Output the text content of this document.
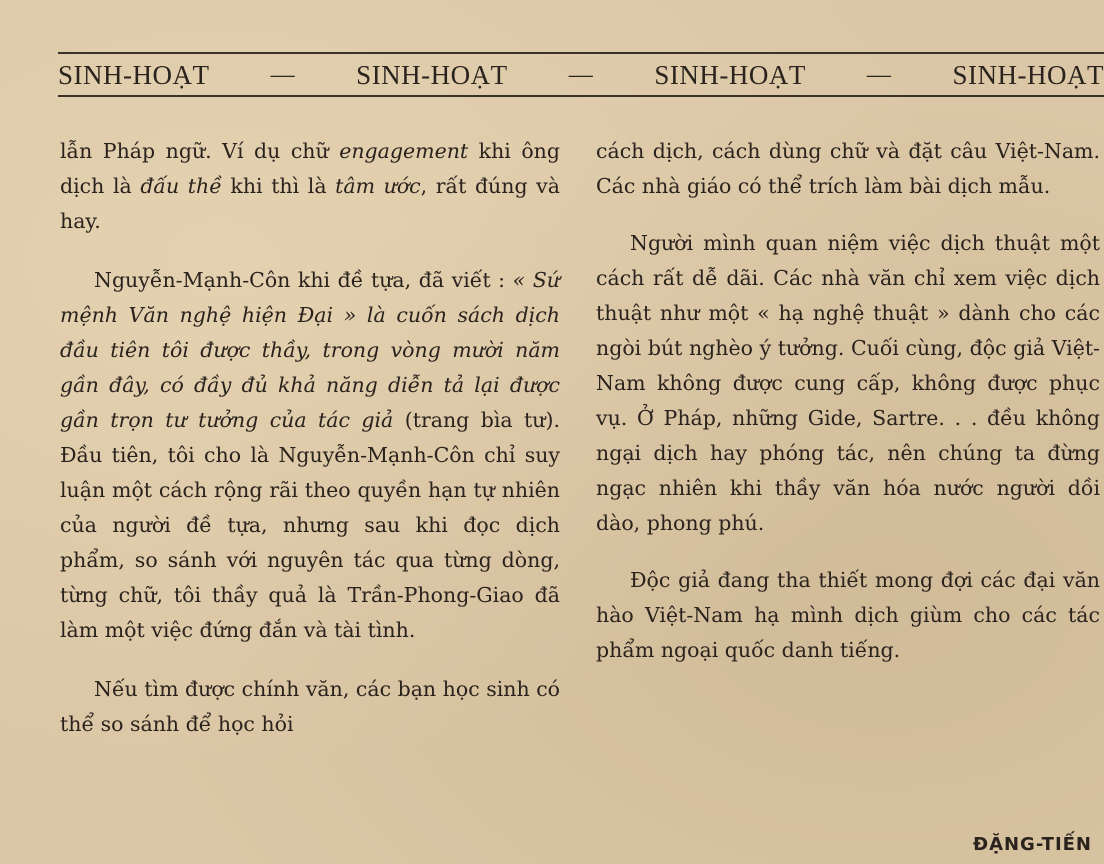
SINH-HOẠT	— SINH-HOẠT	— SINH-HOẠT	— SINH-HOẠT

lẫn Pháp ngữ. Ví dụ chữ engagement khi ông dịch là đấu thề khi thì là tâm ước, rất đúng và hay.

Nguyễn-Mạnh-Côn khi đề tựa, đã viết : « Sứ mệnh Văn nghệ hiện Đại » là cuốn sách dịch đầu tiên tôi được thầy, trong vòng mười năm gần đây, có đầy đủ khả năng diễn tả lại được gần trọn tư tưởng của tác giả (trang bìa tư). Đầu tiên, tôi cho là Nguyễn-Mạnh-Côn chỉ suy luận một cách rộng rãi theo quyền hạn tự nhiên của người đề tựa, nhưng sau khi đọc dịch phẩm, so sánh với nguyên tác qua từng dòng, từng chữ, tôi thầy quả là Trần-Phong-Giao đã làm một việc đứng đắn và tài tình.

Nếu tìm được chính văn, các bạn học sinh có thể so sánh để học hỏi

cách dịch, cách dùng chữ và đặt câu Việt-Nam. Các nhà giáo có thể trích làm bài dịch mẫu.

Người mình quan niệm việc dịch thuật một cách rất dễ dãi. Các nhà văn chỉ xem việc dịch thuật như một « hạ nghệ thuật » dành cho các ngòi bút nghèo ý tưởng. Cuối cùng, độc giả Việt-Nam không được cung cấp, không được phục vụ. Ở Pháp, những Gide, Sartre. . . đều không ngại dịch hay phóng tác, nên chúng ta đừng ngạc nhiên khi thầy văn hóa nước người dồi dào, phong phú.

Độc giả đang tha thiết mong đợi các đại văn hào Việt-Nam hạ mình dịch giùm cho các tác phẩm ngoại quốc danh tiếng.

ĐẶNG-TIẾN
